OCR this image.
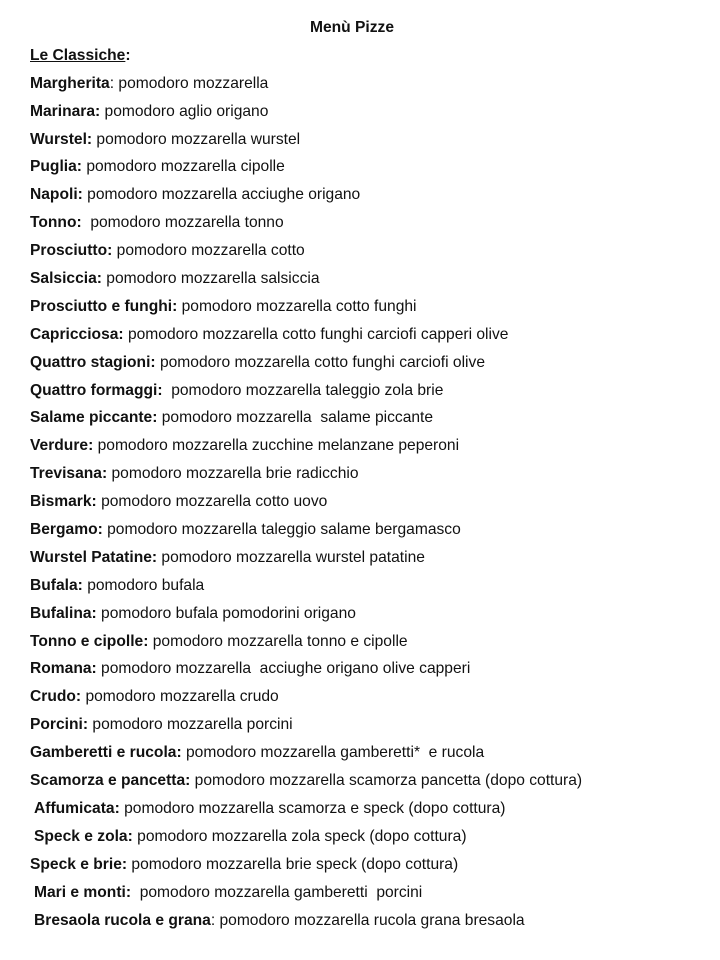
Menù Pizze
Le Classiche:
Margherita: pomodoro mozzarella
Marinara: pomodoro aglio origano
Wurstel: pomodoro mozzarella wurstel
Puglia: pomodoro mozzarella cipolle
Napoli: pomodoro mozzarella acciughe origano
Tonno:  pomodoro mozzarella tonno
Prosciutto: pomodoro mozzarella cotto
Salsiccia: pomodoro mozzarella salsiccia
Prosciutto e funghi: pomodoro mozzarella cotto funghi
Capricciosa: pomodoro mozzarella cotto funghi carciofi capperi olive
Quattro stagioni: pomodoro mozzarella cotto funghi carciofi olive
Quattro formaggi:  pomodoro mozzarella taleggio zola brie
Salame piccante: pomodoro mozzarella  salame piccante
Verdure: pomodoro mozzarella zucchine melanzane peperoni
Trevisana: pomodoro mozzarella brie radicchio
Bismark: pomodoro mozzarella cotto uovo
Bergamo: pomodoro mozzarella taleggio salame bergamasco
Wurstel Patatine: pomodoro mozzarella wurstel patatine
Bufala: pomodoro bufala
Bufalina: pomodoro bufala pomodorini origano
Tonno e cipolle: pomodoro mozzarella tonno e cipolle
Romana: pomodoro mozzarella  acciughe origano olive capperi
Crudo: pomodoro mozzarella crudo
Porcini: pomodoro mozzarella porcini
Gamberetti e rucola: pomodoro mozzarella gamberetti*  e rucola
Scamorza e pancetta: pomodoro mozzarella scamorza pancetta (dopo cottura)
Affumicata: pomodoro mozzarella scamorza e speck (dopo cottura)
Speck e zola: pomodoro mozzarella zola speck (dopo cottura)
Speck e brie: pomodoro mozzarella brie speck (dopo cottura)
Mari e monti:  pomodoro mozzarella gamberetti  porcini
Bresaola rucola e grana: pomodoro mozzarella rucola grana bresaola
